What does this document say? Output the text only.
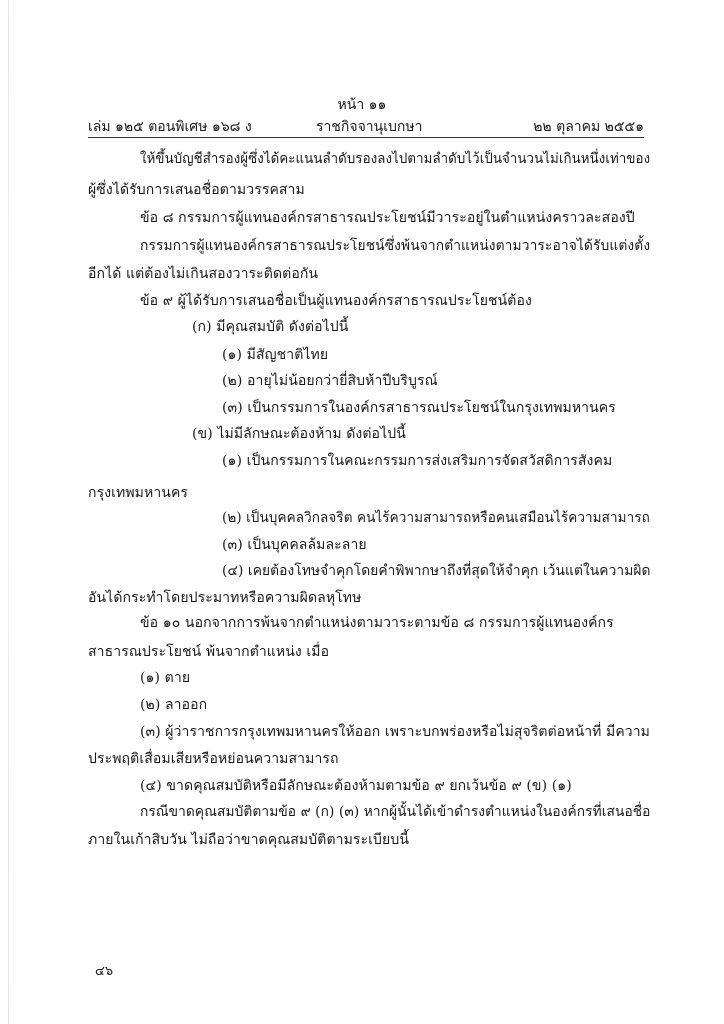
หน้า ๑๑
เล่ม ๑๒๕ ตอนพิเศษ ๑๖๘ ง	ราชกิจจานุเบกษา	๒๒ ตุลาคม ๒๕๕๑
ให้ขึ้นบัญชีสำรองผู้ซึ่งได้คะแนนลำดับรองลงไปตามลำดับไว้เป็นจำนวนไม่เกินหนึ่งเท่าของ
ผู้ซึ่งได้รับการเสนอชื่อตามวรรคสาม
ข้อ ๘ กรรมการผู้แทนองค์กรสาธารณประโยชน์มีวาระอยู่ในตำแหน่งคราวละสองปี
กรรมการผู้แทนองค์กรสาธารณประโยชน์ซึ่งพ้นจากตำแหน่งตามวาระอาจได้รับแต่งตั้ง
อีกได้ แต่ต้องไม่เกินสองวาระติดต่อกัน
ข้อ ๙ ผู้ได้รับการเสนอชื่อเป็นผู้แทนองค์กรสาธารณประโยชน์ต้อง
(ก) มีคุณสมบัติ ดังต่อไปนี้
(๑) มีสัญชาติไทย
(๒) อายุไม่น้อยกว่ายี่สิบห้าปีบริบูรณ์
(๓) เป็นกรรมการในองค์กรสาธารณประโยชน์ในกรุงเทพมหานคร
(ข) ไม่มีลักษณะต้องห้าม ดังต่อไปนี้
(๑) เป็นกรรมการในคณะกรรมการส่งเสริมการจัดสวัสดิการสังคม
กรุงเทพมหานคร
(๒) เป็นบุคคลวิกลจริต คนไร้ความสามารถหรือคนเสมือนไร้ความสามารถ
(๓) เป็นบุคคลล้มละลาย
(๔) เคยต้องโทษจำคุกโดยคำพิพากษาถึงที่สุดให้จำคุก เว้นแต่ในความผิด
อันได้กระทำโดยประมาทหรือความผิดลหุโทษ
ข้อ ๑๐ นอกจากการพ้นจากตำแหน่งตามวาระตามข้อ ๘ กรรมการผู้แทนองค์กร
สาธารณประโยชน์ พ้นจากตำแหน่ง เมื่อ
(๑) ตาย
(๒) ลาออก
(๓) ผู้ว่าราชการกรุงเทพมหานครให้ออก เพราะบกพร่องหรือไม่สุจริตต่อหน้าที่ มีความ
ประพฤติเสื่อมเสียหรือหย่อนความสามารถ
(๔) ขาดคุณสมบัติหรือมีลักษณะต้องห้ามตามข้อ ๙ ยกเว้นข้อ ๙ (ข) (๑)
กรณีขาดคุณสมบัติตามข้อ ๙ (ก) (๓) หากผู้นั้นได้เข้าดำรงตำแหน่งในองค์กรที่เสนอชื่อ
ภายในเก้าสิบวัน ไม่ถือว่าขาดคุณสมบัติตามระเบียบนี้
๔๖
